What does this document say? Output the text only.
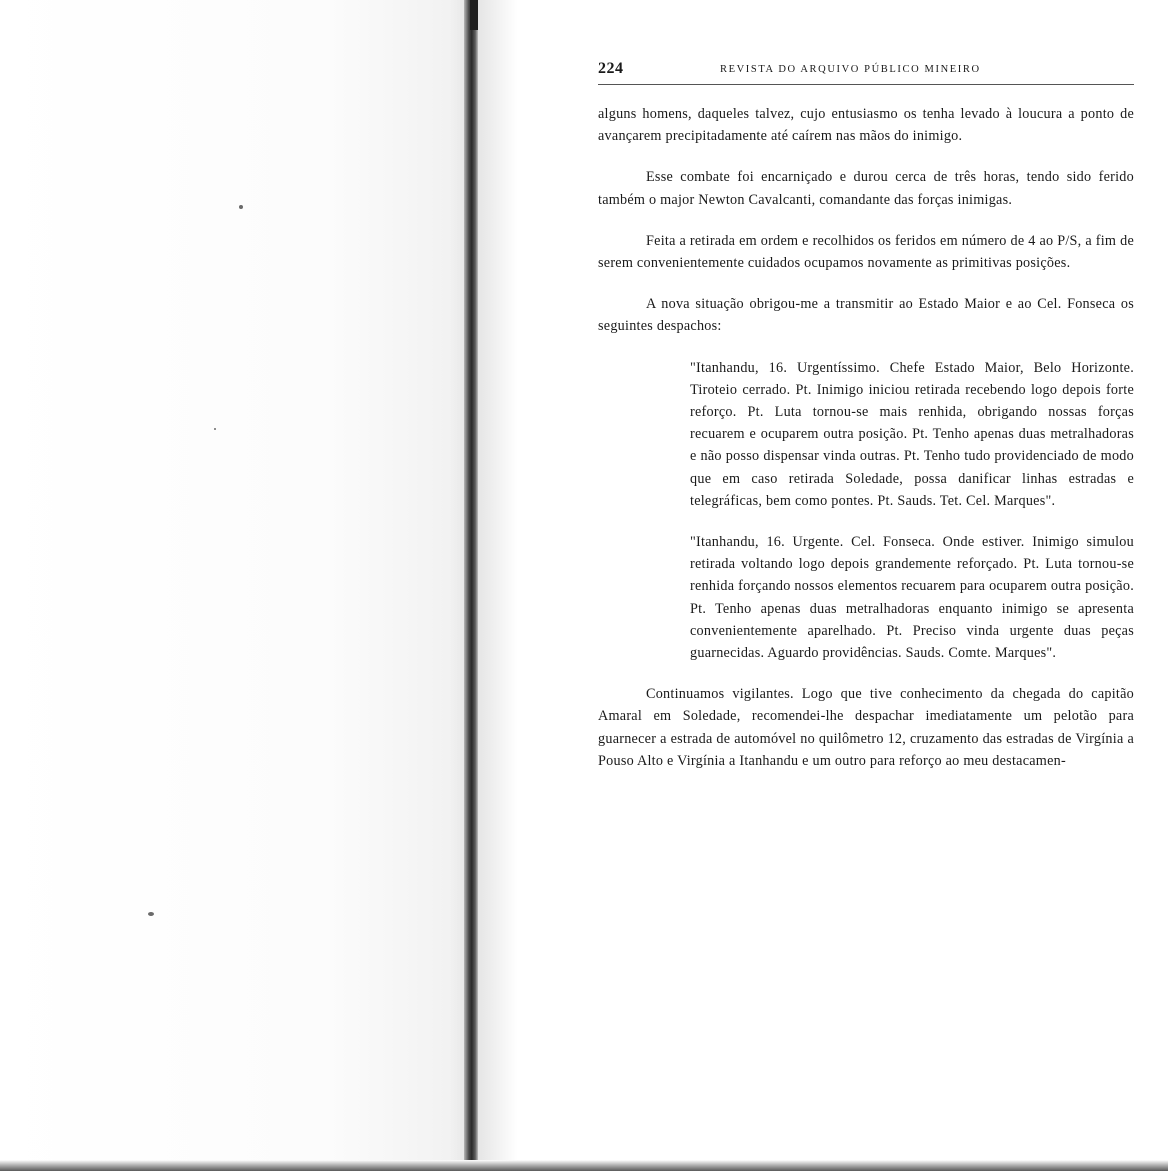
224	REVISTA DO ARQUIVO PÚBLICO MINEIRO

alguns homens, daqueles talvez, cujo entusiasmo os tenha levado à loucura a ponto de avançarem precipitadamente até caírem nas mãos do inimigo.

Esse combate foi encarniçado e durou cerca de três horas, tendo sido ferido também o major Newton Cavalcanti, comandante das forças inimigas.

Feita a retirada em ordem e recolhidos os feridos em número de 4 ao P/S, a fim de serem convenientemente cuidados ocupamos novamente as primitivas posições.

A nova situação obrigou-me a transmitir ao Estado Maior e ao Cel. Fonseca os seguintes despachos:

"Itanhandu, 16. Urgentíssimo. Chefe Estado Maior, Belo Horizonte. Tiroteio cerrado. Pt. Inimigo iniciou retirada recebendo logo depois forte reforço. Pt. Luta tornou-se mais renhida, obrigando nossas forças recuarem e ocuparem outra posição. Pt. Tenho apenas duas metralhadoras e não posso dispensar vinda outras. Pt. Tenho tudo providenciado de modo que em caso retirada Soledade, possa danificar linhas estradas e telegráficas, bem como pontes. Pt. Sauds. Tet. Cel. Marques".

"Itanhandu, 16. Urgente. Cel. Fonseca. Onde estiver. Inimigo simulou retirada voltando logo depois grandemente reforçado. Pt. Luta tornou-se renhida forçando nossos elementos recuarem para ocuparem outra posição. Pt. Tenho apenas duas metralhadoras enquanto inimigo se apresenta convenientemente aparelhado. Pt. Preciso vinda urgente duas peças guarnecidas. Aguardo providências. Sauds. Comte. Marques".

Continuamos vigilantes. Logo que tive conhecimento da chegada do capitão Amaral em Soledade, recomendei-lhe despachar imediatamente um pelotão para guarnecer a estrada de automóvel no quilômetro 12, cruzamento das estradas de Virgínia a Pouso Alto e Virgínia a Itanhandu e um outro para reforço ao meu destacamen-
